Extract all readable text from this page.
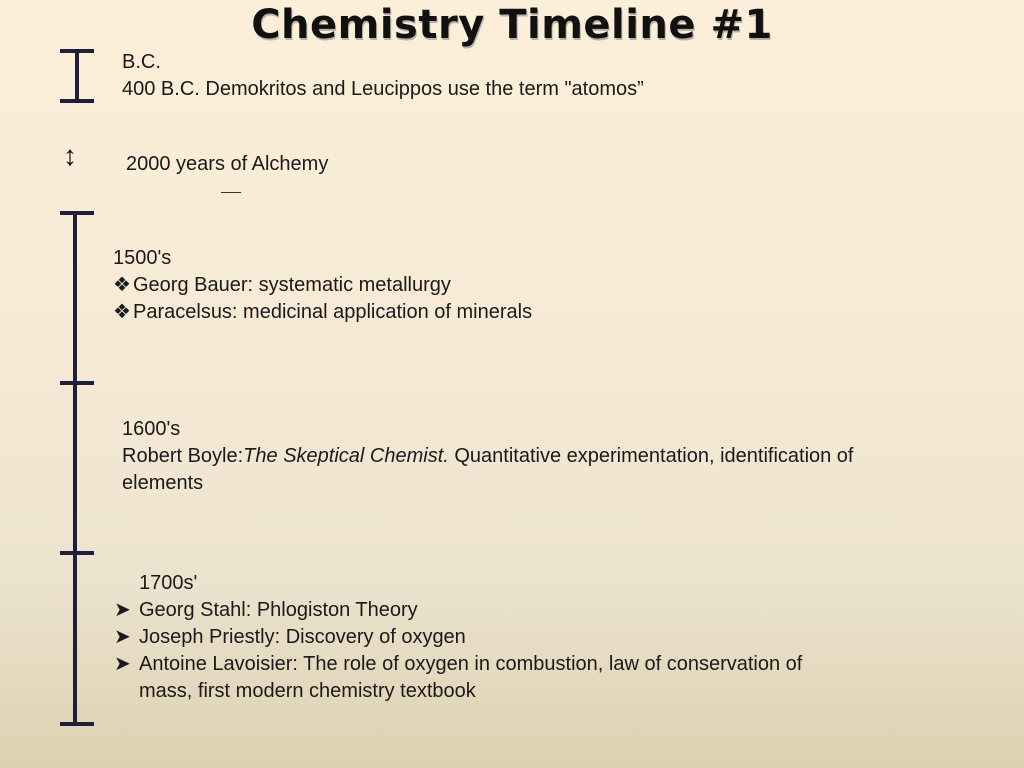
Chemistry Timeline #1
B.C.
400 B.C. Demokritos and Leucippos use the term "atomos”
↕ 2000 years of Alchemy
1500's
❖ Georg Bauer: systematic metallurgy
❖ Paracelsus: medicinal application of minerals
1600's
Robert Boyle:The Skeptical Chemist. Quantitative experimentation, identification of
elements
1700s'
➤ Georg Stahl: Phlogiston Theory
➤ Joseph Priestly: Discovery of oxygen
➤ Antoine Lavoisier: The role of oxygen in combustion, law of conservation of
mass, first modern chemistry textbook
